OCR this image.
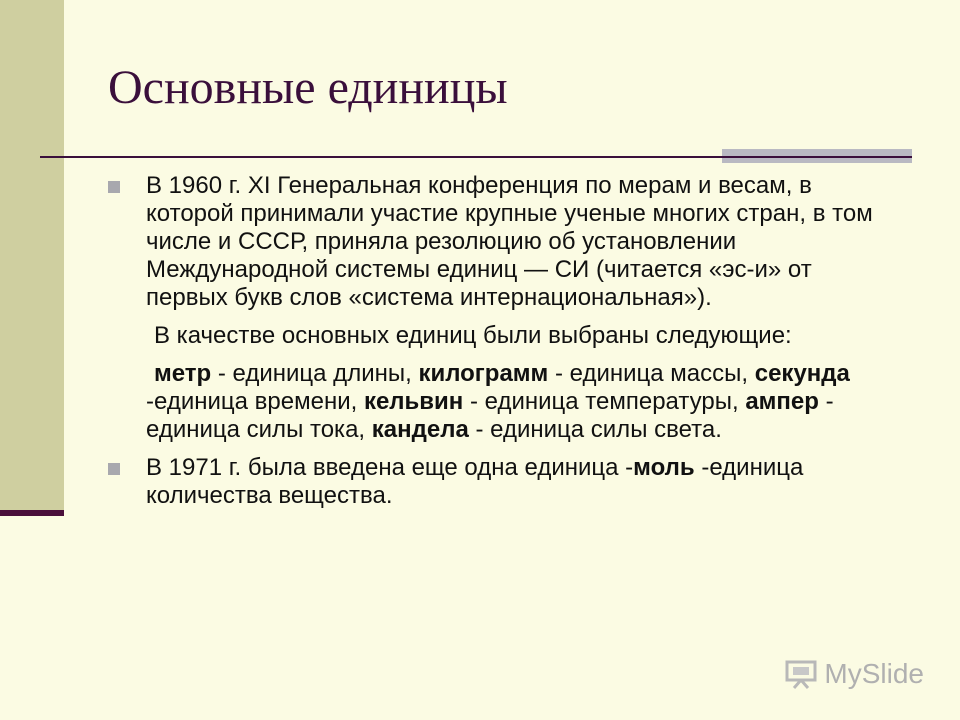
Основные единицы
В 1960 г. XI Генеральная конференция по мерам и весам, в которой принимали участие крупные ученые многих стран, в том числе и СССР, приняла резолюцию об установлении Международной системы единиц — СИ (читается «эс-и» от первых букв слов «система интернациональная»).
В качестве основных единиц были выбраны следующие:
метр - единица длины, килограмм - единица массы, секунда -единица времени, кельвин - единица температуры, ампер - единица силы тока, кандела - единица силы света.
В 1971 г. была введена еще одна единица -моль -единица количества вещества.
MySlide
